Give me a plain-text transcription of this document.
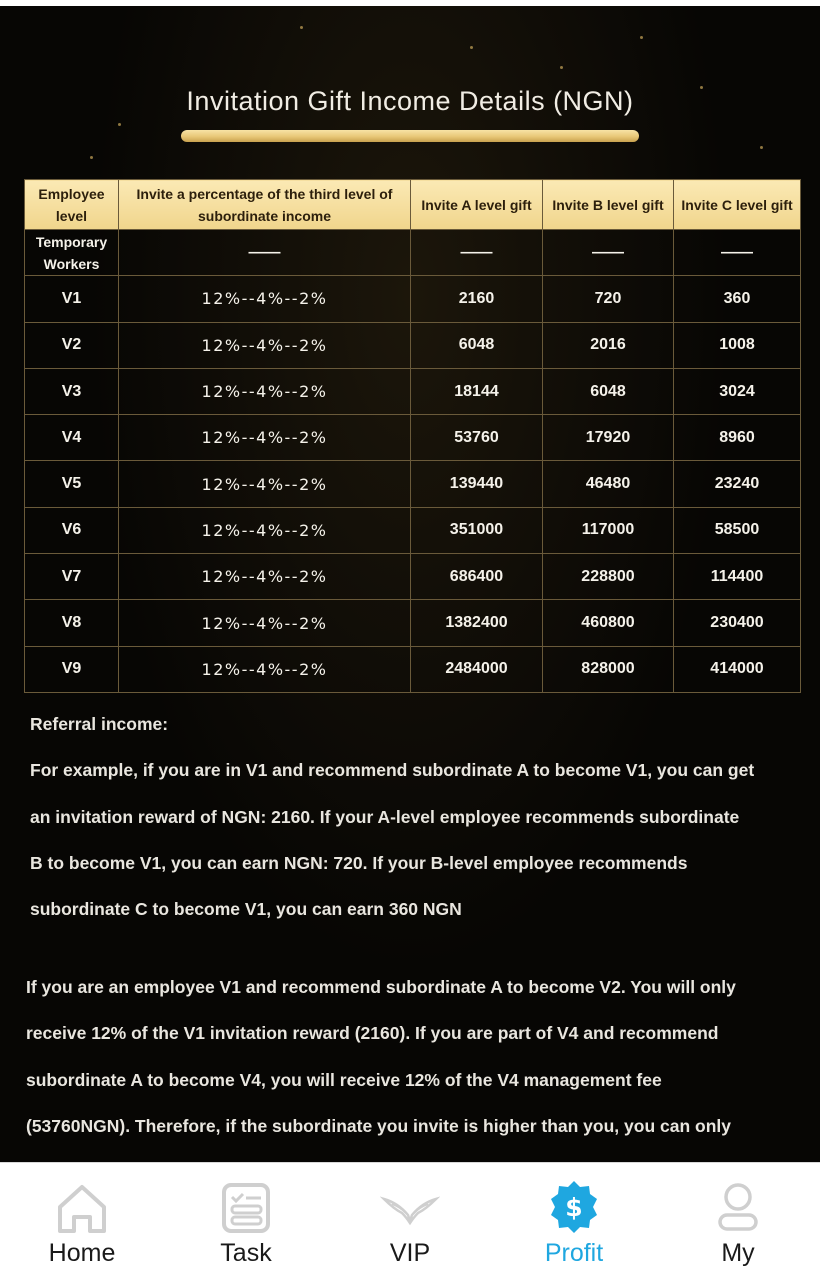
Invitation Gift Income Details (NGN)
Employee level	Invite a percentage of the third level of subordinate income	Invite A level gift	Invite B level gift	Invite C level gift
Temporary Workers	——	——	——	——
V1	12%--4%--2%	2160	720	360
V2	12%--4%--2%	6048	2016	1008
V3	12%--4%--2%	18144	6048	3024
V4	12%--4%--2%	53760	17920	8960
V5	12%--4%--2%	139440	46480	23240
V6	12%--4%--2%	351000	117000	58500
V7	12%--4%--2%	686400	228800	114400
V8	12%--4%--2%	1382400	460800	230400
V9	12%--4%--2%	2484000	828000	414000
Referral income:
For example, if you are in V1 and recommend subordinate A to become V1, you can get
an invitation reward of NGN: 2160. If your A-level employee recommends subordinate
B to become V1, you can earn NGN: 720. If your B-level employee recommends
subordinate C to become V1, you can earn 360 NGN
If you are an employee V1 and recommend subordinate A to become V2. You will only
receive 12% of the V1 invitation reward (2160). If you are part of V4 and recommend
subordinate A to become V4, you will receive 12% of the V4 management fee
(53760NGN). Therefore, if the subordinate you invite is higher than you, you can only
Home	Task	VIP
$
Profit	My
